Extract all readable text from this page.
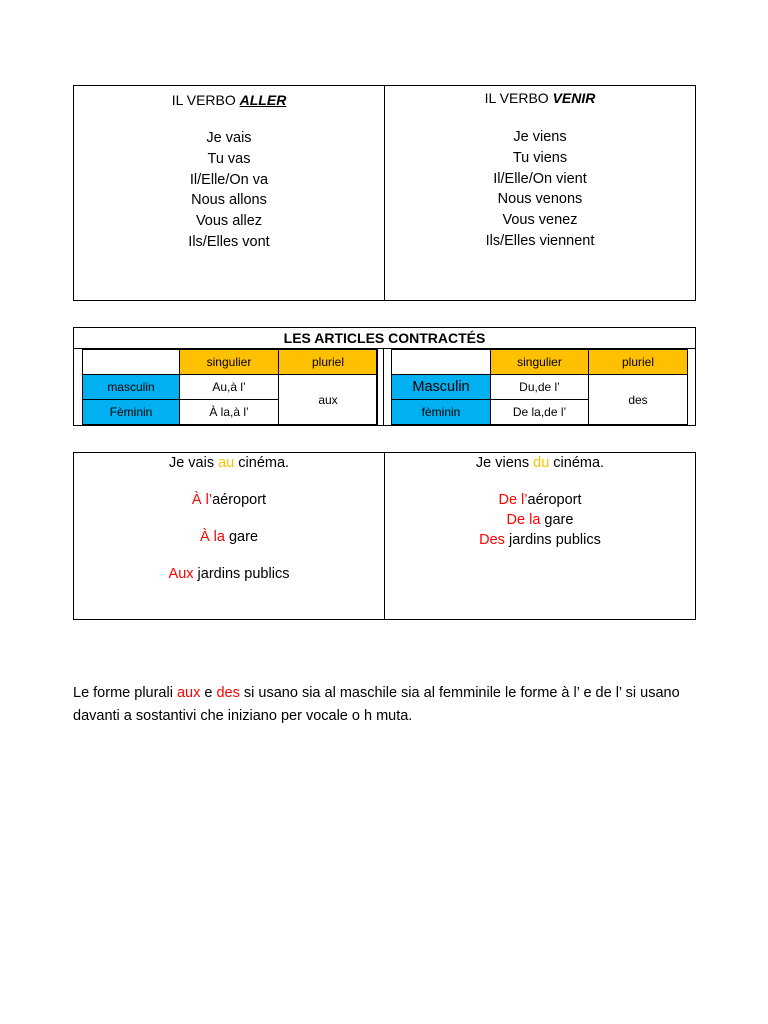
IL VERBO ALLER
Je vais
Tu vas
Il/Elle/On va
Nous allons
Vous allez
Ils/Elles vont
IL VERBO VENIR
Je viens
Tu viens
Il/Elle/On vient
Nous venons
Vous venez
Ils/Elles viennent
LES ARTICLES CONTRACTÉS
	singulier	pluriel
masculin	Au,à l’	aux
Fèminin	À la,à l’	
	singulier	pluriel
Masculin	Du,de l’	des
fèminin	De la,de l’	
Je vais au cinéma.
À l’aéroport
À la gare
Aux jardins publics
Je viens du cinéma.
De l’aéroport
De la gare
Des jardins publics
Le forme plurali aux e des si usano sia al maschile sia al femminile le forme à l’ e de l’ si usano davanti a sostantivi che iniziano per vocale o h muta.
